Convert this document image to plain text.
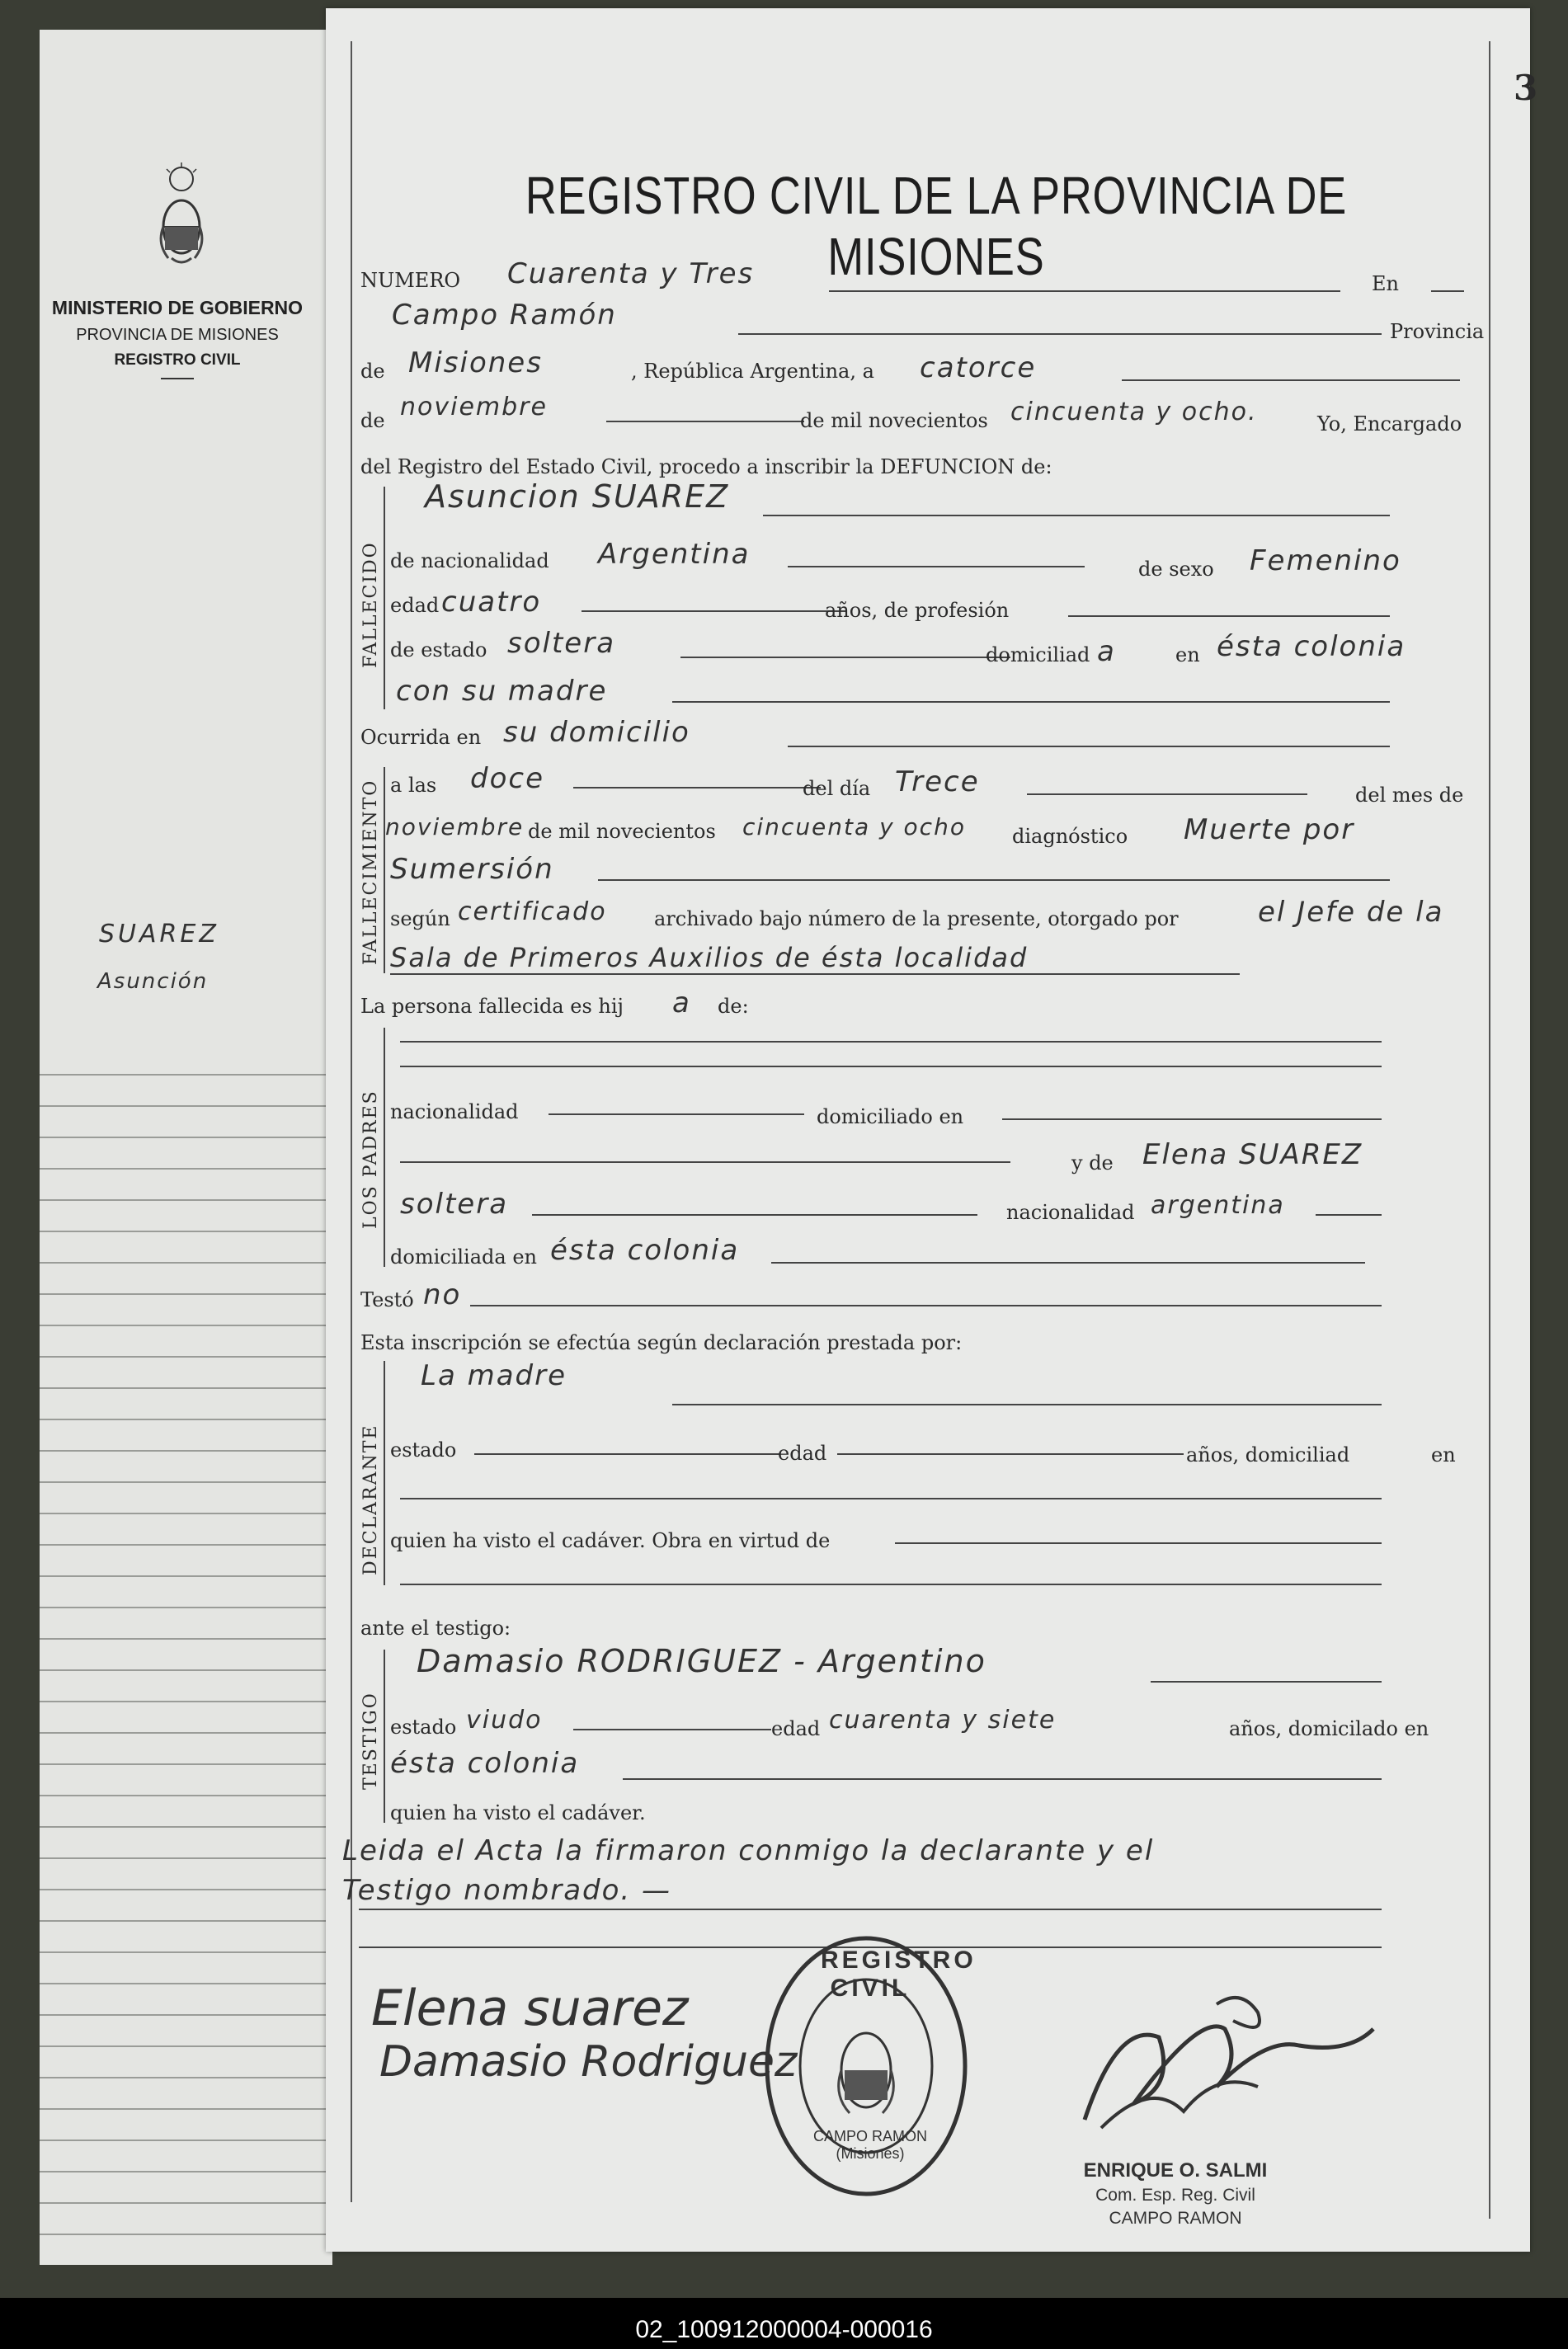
MINISTERIO DE GOBIERNO
PROVINCIA DE MISIONES
REGISTRO CIVIL
SUAREZ
Asunción
3
REGISTRO CIVIL DE LA PROVINCIA DE MISIONES
NUMERO Cuarenta y Tres	En
Campo Ramón	Provincia
de Misiones	, República Argentina, a catorce
de noviembre	de mil novecientos cincuenta y ocho.	Yo, Encargado
del Registro del Estado Civil, procedo a inscribir la DEFUNCION de:
FALLECIDO
Asuncion SUAREZ
de nacionalidad Argentina	de sexo Femenino
edad cuatro	años, de profesión
de estado soltera	domiciliad a	en ésta colonia
con su madre
Ocurrida en su domicilio
FALLECIMIENTO a las doce	del día Trece	del mes de
noviembre de mil novecientos cincuenta y ocho diagnóstico Muerte por
Sumersión
según certificado archivado bajo número de la presente, otorgado por	el Jefe de la
Sala de Primeros Auxilios de ésta localidad
La persona fallecida es hij a de:
LOS PADRES nacionalidad	domiciliado en
y de Elena SUAREZ
soltera	nacionalidad argentina
domiciliada en ésta colonia
Testó no
Esta inscripción se efectúa según declaración prestada por:
DECLARANTE
La madre
estado	edad	años, domiciliad	en
quien ha visto el cadáver. Obra en virtud de
ante el testigo:
TESTIGO
Damasio RODRIGUEZ - Argentino
estado viudo	edad cuarenta y siete	años, domicilado en
ésta colonia
quien ha visto el cadáver.
Leida el Acta la firmaron conmigo la declarante y el
Testigo nombrado. —
Elena suarez
Damasio Rodriguez
REGISTRO CIVIL
CAMPO RAMON (Misiones)
ENRIQUE O. SALMI
Com. Esp. Reg. Civil
CAMPO RAMON
02_100912000004-000016
